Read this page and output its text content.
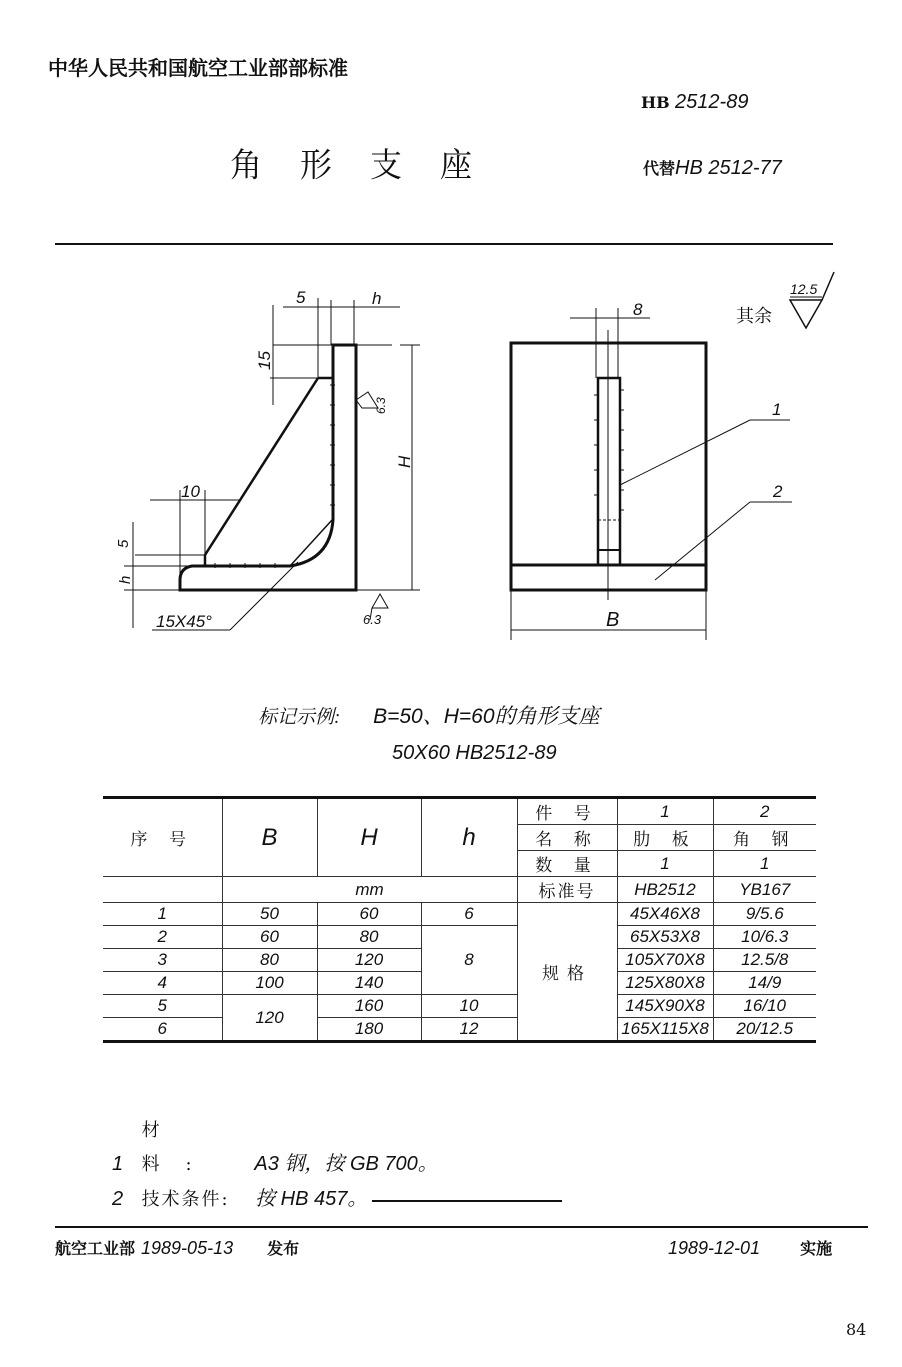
中华人民共和国航空工业部部标准
HB 2512-89
角形支座	代替HB 2512-77
5	h
15
6.3
H
10
5
h
15X45°	6.3
8
1
2
B
12.5
其余
标记示例: B=50、H=60的角形支座
50X60 HB2512-89
序 号	B	H	h	件 号	1	2
				名 称	肋 板	角 钢
				数 量	1	1
	mm			标准号	HB2512	YB167
1	50	60	6	规格	45X46X8	9/5.6
2	60	80	8		65X53X8	10/6.3
3	80	120			105X70X8	12.5/8
4	100	140			125X80X8	14/9
5	120	160	10		145X90X8	16/10
6		180	12		165X115X8	20/12.5
1 材料: A3 钢，按 GB 700。
2 技术条件: 按 HB 457。
航空工业部 1989-05-13 发布	1989-12-01	实施
84
